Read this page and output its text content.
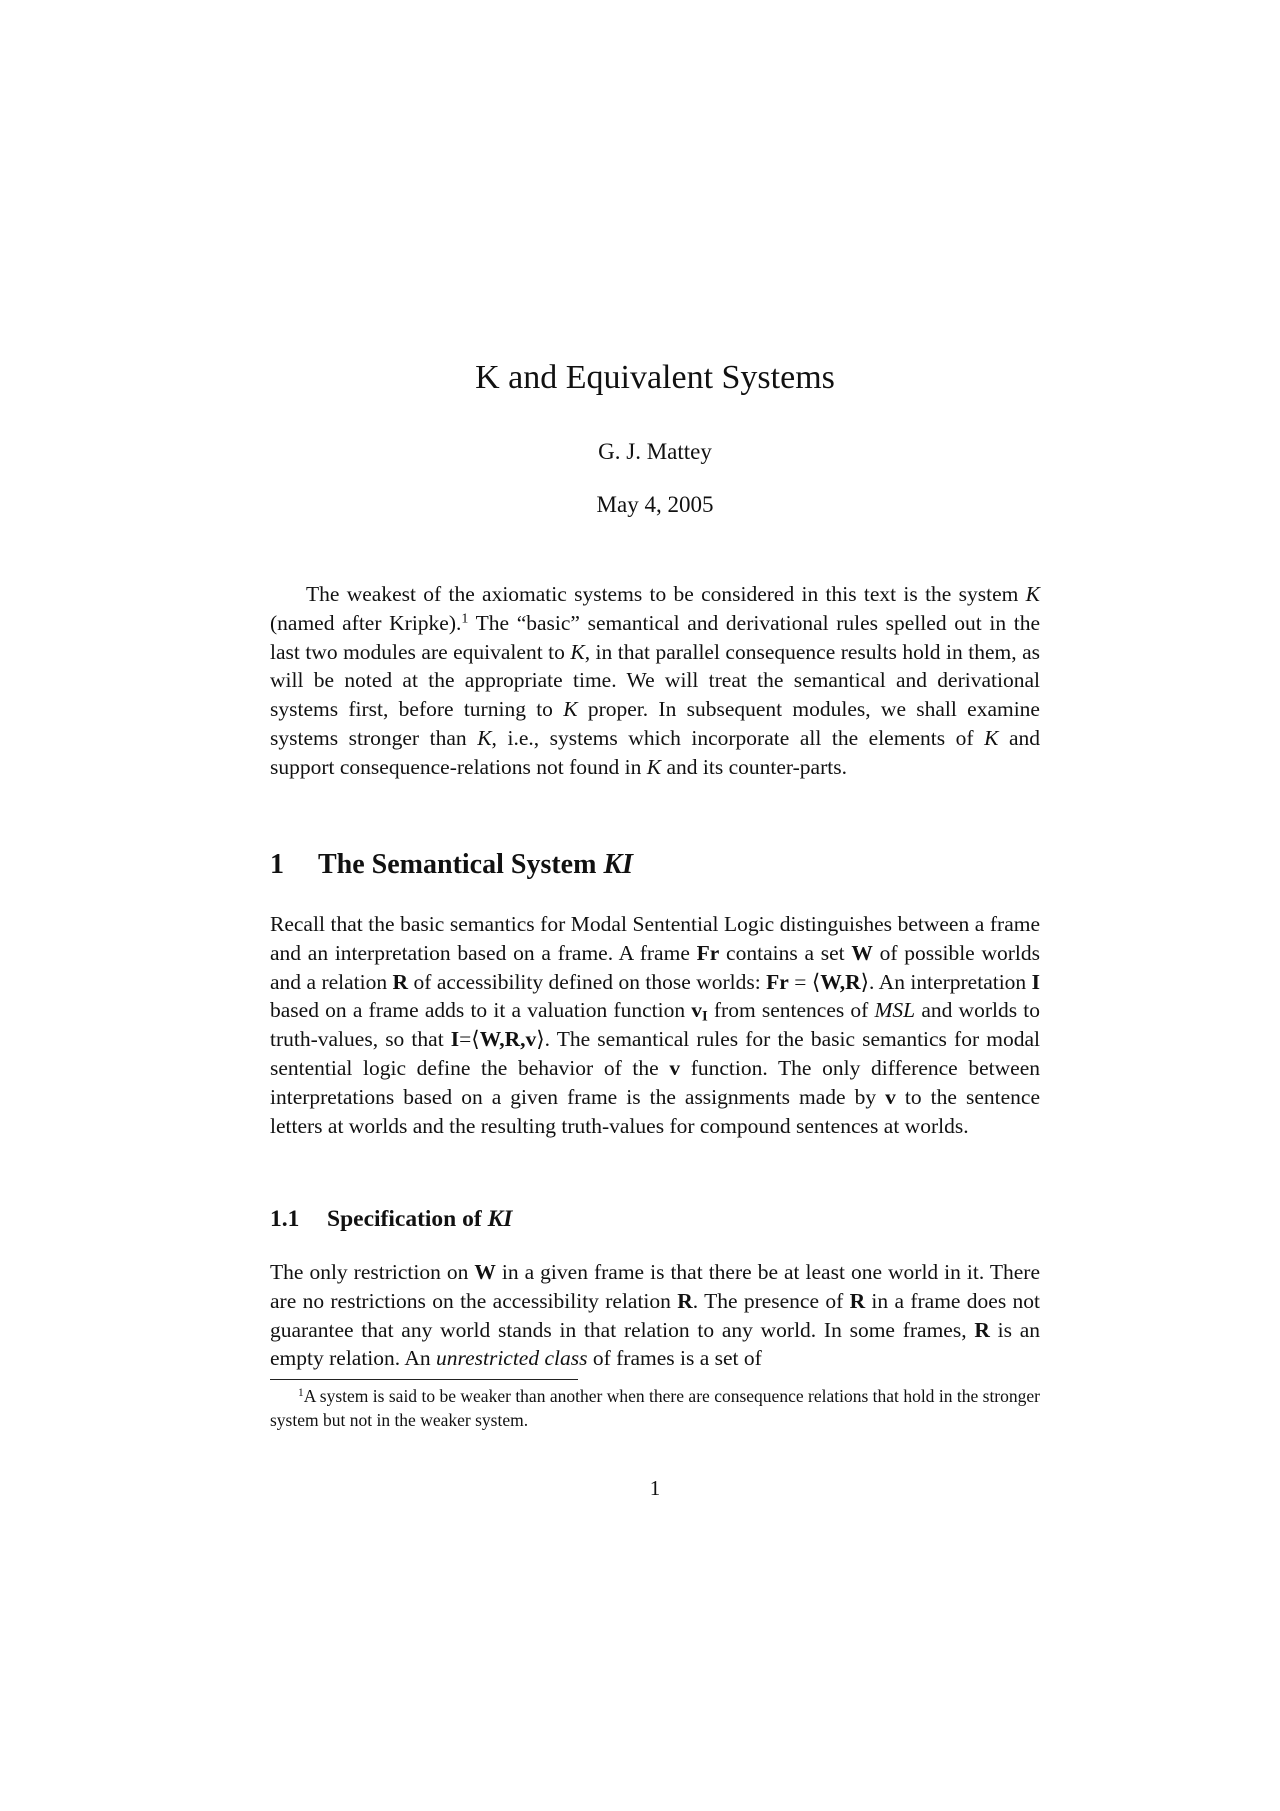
K and Equivalent Systems

G. J. Mattey

May 4, 2005

The weakest of the axiomatic systems to be considered in this text is the system K (named after Kripke).$^1$ The “basic” semantical and derivational rules spelled out in the last two modules are equivalent to K, in that parallel consequence results hold in them, as will be noted at the appropriate time. We will treat the semantical and derivational systems first, before turning to K proper. In subsequent modules, we shall examine systems stronger than K, i.e., systems which incorporate all the elements of K and support consequence-relations not found in K and its counter-parts.

1 The Semantical System KI

Recall that the basic semantics for Modal Sentential Logic distinguishes between a frame and an interpretation based on a frame. A frame Fr contains a set W of possible worlds and a relation R of accessibility defined on those worlds: Fr = ⟨W,R⟩. An interpretation I based on a frame adds to it a valuation function $v_I$ from sentences of MSL and worlds to truth-values, so that I=⟨W,R,v⟩. The semantical rules for the basic semantics for modal sentential logic define the behavior of the v function. The only difference between interpretations based on a given frame is the assignments made by v to the sentence letters at worlds and the resulting truth-values for compound sentences at worlds.

1.1 Specification of KI

The only restriction on W in a given frame is that there be at least one world in it. There are no restrictions on the accessibility relation R. The presence of R in a frame does not guarantee that any world stands in that relation to any world. In some frames, R is an empty relation. An unrestricted class of frames is a set of

$^1$A system is said to be weaker than another when there are consequence relations that hold in the stronger system but not in the weaker system.

1
